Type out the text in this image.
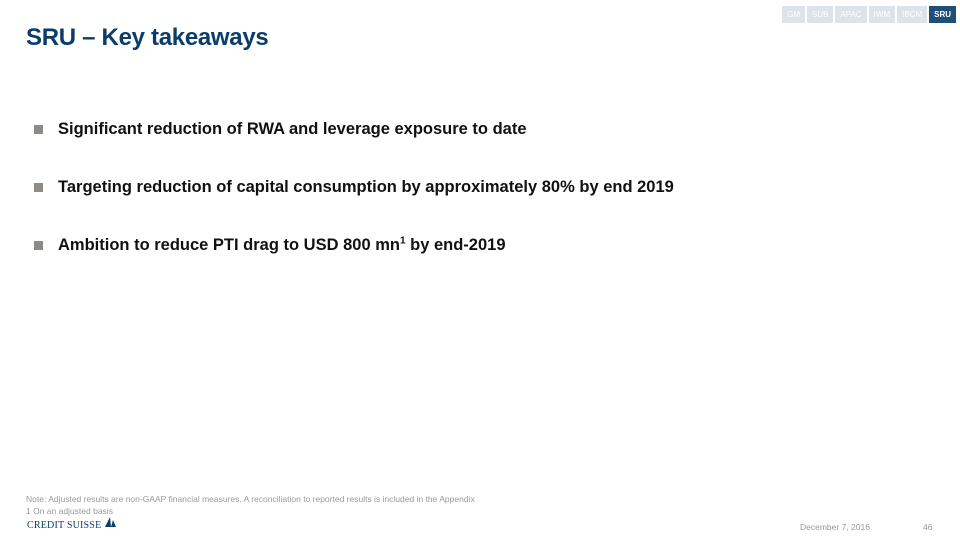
SRU – Key takeaways
GM	SUB	APAC	IWM	IBCM	SRU
Significant reduction of RWA and leverage exposure to date
Targeting reduction of capital consumption by approximately 80% by end 2019
Ambition to reduce PTI drag to USD 800 $mn^1$ by end-2019
Note: Adjusted results are non-GAAP financial measures. A reconciliation to reported results is included in the Appendix
1 On an adjusted basis
CREDIT SUISSE	December 7, 2016	46
